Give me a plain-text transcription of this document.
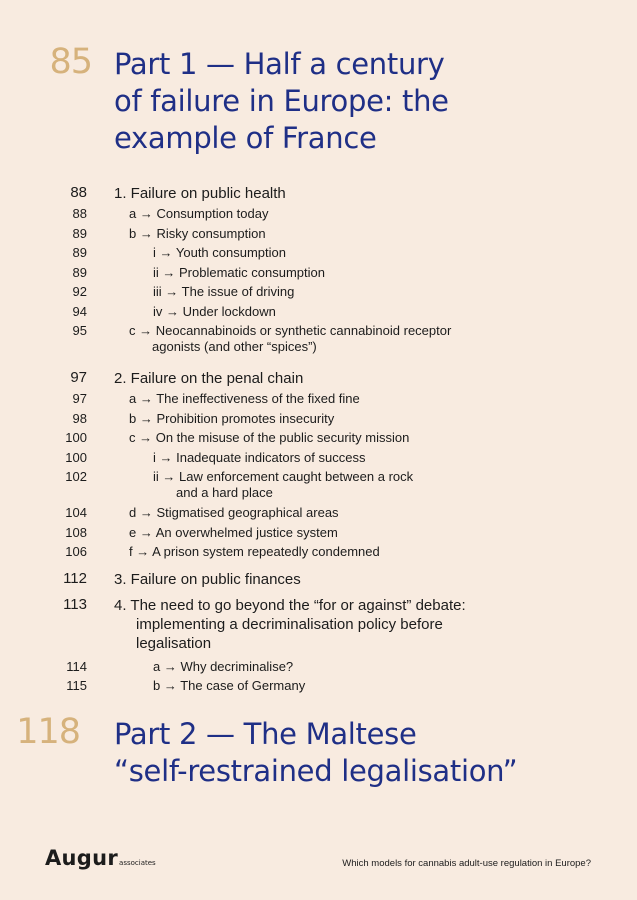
85 Part 1 — Half a century
of failure in Europe: the
example of France
88 1. Failure on public health
88	a → Consumption today
89	b → Risky consumption
89	i → Youth consumption
89	ii → Problematic consumption
92	iii → The issue of driving
94	iv → Under lockdown
95	c → Neocannabinoids or synthetic cannabinoid receptor
agonists (and other “spices”)
97 2. Failure on the penal chain
97	a → The ineffectiveness of the fixed fine
98	b → Prohibition promotes insecurity
100	c → On the misuse of the public security mission
100	i → Inadequate indicators of success
102	ii → Law enforcement caught between a rock
and a hard place
104	d → Stigmatised geographical areas
108	e → An overwhelmed justice system
106	f → A prison system repeatedly condemned
112 3. Failure on public finances
113 4. The need to go beyond the “for or against” debate:
implementing a decriminalisation policy before
legalisation
114	a → Why decriminalise?
115	b → The case of Germany
118 Part 2 — The Maltese
“self-restrained legalisation”
Augurassociates	Which models for cannabis adult-use regulation in Europe?
